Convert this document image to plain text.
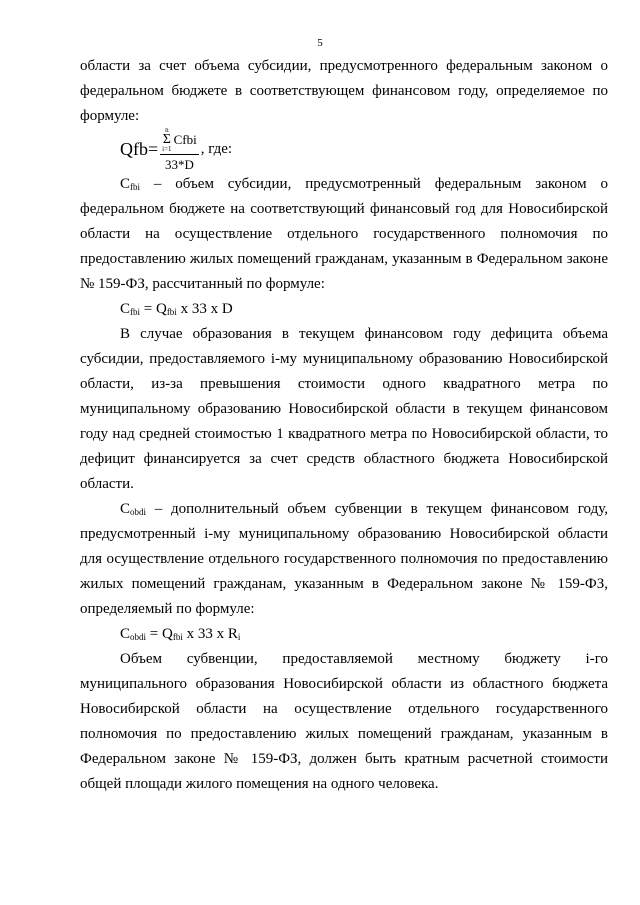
5

области за счет объема субсидии, предусмотренного федеральным законом о федеральном бюджете в соответствующем финансовом году, определяемое по формуле:

Qfb= n
Σ
i=1
Cfbi
33*D , где:

$C_{fbi}$ – объем субсидии, предусмотренный федеральным законом о федеральном бюджете на соответствующий финансовый год для Новосибирской области на осуществление отдельного государственного полномочия по предоставлению жилых помещений гражданам, указанным в Федеральном законе № 159-ФЗ, рассчитанный по формуле:

$C_{fbi} = Q_{fbi}$ x 33 x D

В случае образования в текущем финансовом году дефицита объема субсидии, предоставляемого i-му муниципальному образованию Новосибирской области, из-за превышения стоимости одного квадратного метра по муниципальному образованию Новосибирской области в текущем финансовом году над средней стоимостью 1 квадратного метра по Новосибирской области, то дефицит финансируется за счет средств областного бюджета Новосибирской области.

$C_{obdi}$ – дополнительный объем субвенции в текущем финансовом году, предусмотренный i-му муниципальному образованию Новосибирской области для осуществление отдельного государственного полномочия по предоставлению жилых помещений гражданам, указанным в Федеральном законе № 159-ФЗ, определяемый по формуле:

$C_{obdi} = Q_{fbi}$ x 33 x $R_i$

Объем субвенции, предоставляемой местному бюджету i-го муниципального образования Новосибирской области из областного бюджета Новосибирской области на осуществление отдельного государственного полномочия по предоставлению жилых помещений гражданам, указанным в Федеральном законе № 159-ФЗ, должен быть кратным расчетной стоимости общей площади жилого помещения на одного человека.
